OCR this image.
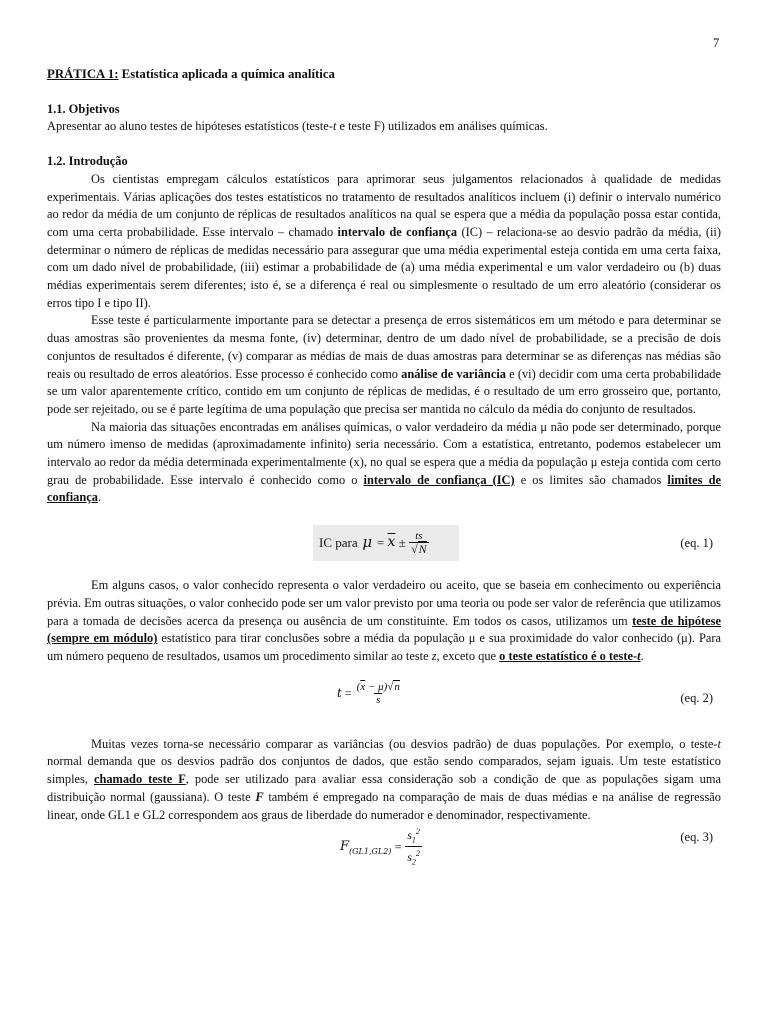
7

PRÁTICA 1: Estatística aplicada a química analítica

1.1. Objetivos

Apresentar ao aluno testes de hipóteses estatísticos (teste-t e teste F) utilizados em análises químicas.

1.2. Introdução

Os cientistas empregam cálculos estatísticos para aprimorar seus julgamentos relacionados à qualidade de medidas experimentais. Várias aplicações dos testes estatísticos no tratamento de resultados analíticos incluem (i) definir o intervalo numérico ao redor da média de um conjunto de réplicas de resultados analíticos na qual se espera que a média da população possa estar contida, com uma certa probabilidade. Esse intervalo – chamado intervalo de confiança (IC) – relaciona-se ao desvio padrão da média, (ii) determinar o número de réplicas de medidas necessário para assegurar que uma média experimental esteja contida em uma certa faixa, com um dado nível de probabilidade, (iii) estimar a probabilidade de (a) uma média experimental e um valor verdadeiro ou (b) duas médias experimentais serem diferentes; isto é, se a diferença é real ou simplesmente o resultado de um erro aleatório (considerar os erros tipo I e tipo II).

Esse teste é particularmente importante para se detectar a presença de erros sistemáticos em um método e para determinar se duas amostras são provenientes da mesma fonte, (iv) determinar, dentro de um dado nível de probabilidade, se a precisão de dois conjuntos de resultados é diferente, (v) comparar as médias de mais de duas amostras para determinar se as diferenças nas médias são reais ou resultado de erros aleatórios. Esse processo é conhecido como análise de variância e (vi) decidir com uma certa probabilidade se um valor aparentemente crítico, contido em um conjunto de réplicas de medidas, é o resultado de um erro grosseiro que, portanto, pode ser rejeitado, ou se é parte legítima de uma população que precisa ser mantida no cálculo da média do conjunto de resultados.

Na maioria das situações encontradas em análises químicas, o valor verdadeiro da média μ não pode ser determinado, porque um número imenso de medidas (aproximadamente infinito) seria necessário. Com a estatística, entretanto, podemos estabelecer um intervalo ao redor da média determinada experimentalmente (x), no qual se espera que a média da população μ esteja contida com certo grau de probabilidade. Esse intervalo é conhecido como o intervalo de confiança (IC) e os limites são chamados limites de confiança.

IC para $\mu = \overline{x} \pm \frac{ts}{√N}$	(eq. 1)

Em alguns casos, o valor conhecido representa o valor verdadeiro ou aceito, que se baseia em conhecimento ou experiência prévia. Em outras situações, o valor conhecido pode ser um valor previsto por uma teoria ou pode ser valor de referência que utilizamos para a tomada de decisões acerca da presença ou ausência de um constituinte. Em todos os casos, utilizamos um teste de hipótese (sempre em módulo) estatístico para tirar conclusões sobre a média da população μ e sua proximidade do valor conhecido (μ). Para um número pequeno de resultados, usamos um procedimento similar ao teste z, exceto que o teste estatístico é o teste-t.

$t = \frac{(\overline{x} - \mu)√n}{s}$	(eq. 2)

Muitas vezes torna-se necessário comparar as variâncias (ou desvios padrão) de duas populações. Por exemplo, o teste-t normal demanda que os desvios padrão dos conjuntos de dados, que estão sendo comparados, sejam iguais. Um teste estatístico simples, chamado teste F, pode ser utilizado para avaliar essa consideração sob a condição de que as populações sigam uma distribuição normal (gaussiana). O teste F também é empregado na comparação de mais de duas médias e na análise de regressão linear, onde GL1 e GL2 correspondem aos graus de liberdade do numerador e denominador, respectivamente.

F $(GL1,GL2) = \frac{s_1^2}{s_2^2}$	(eq. 3)
